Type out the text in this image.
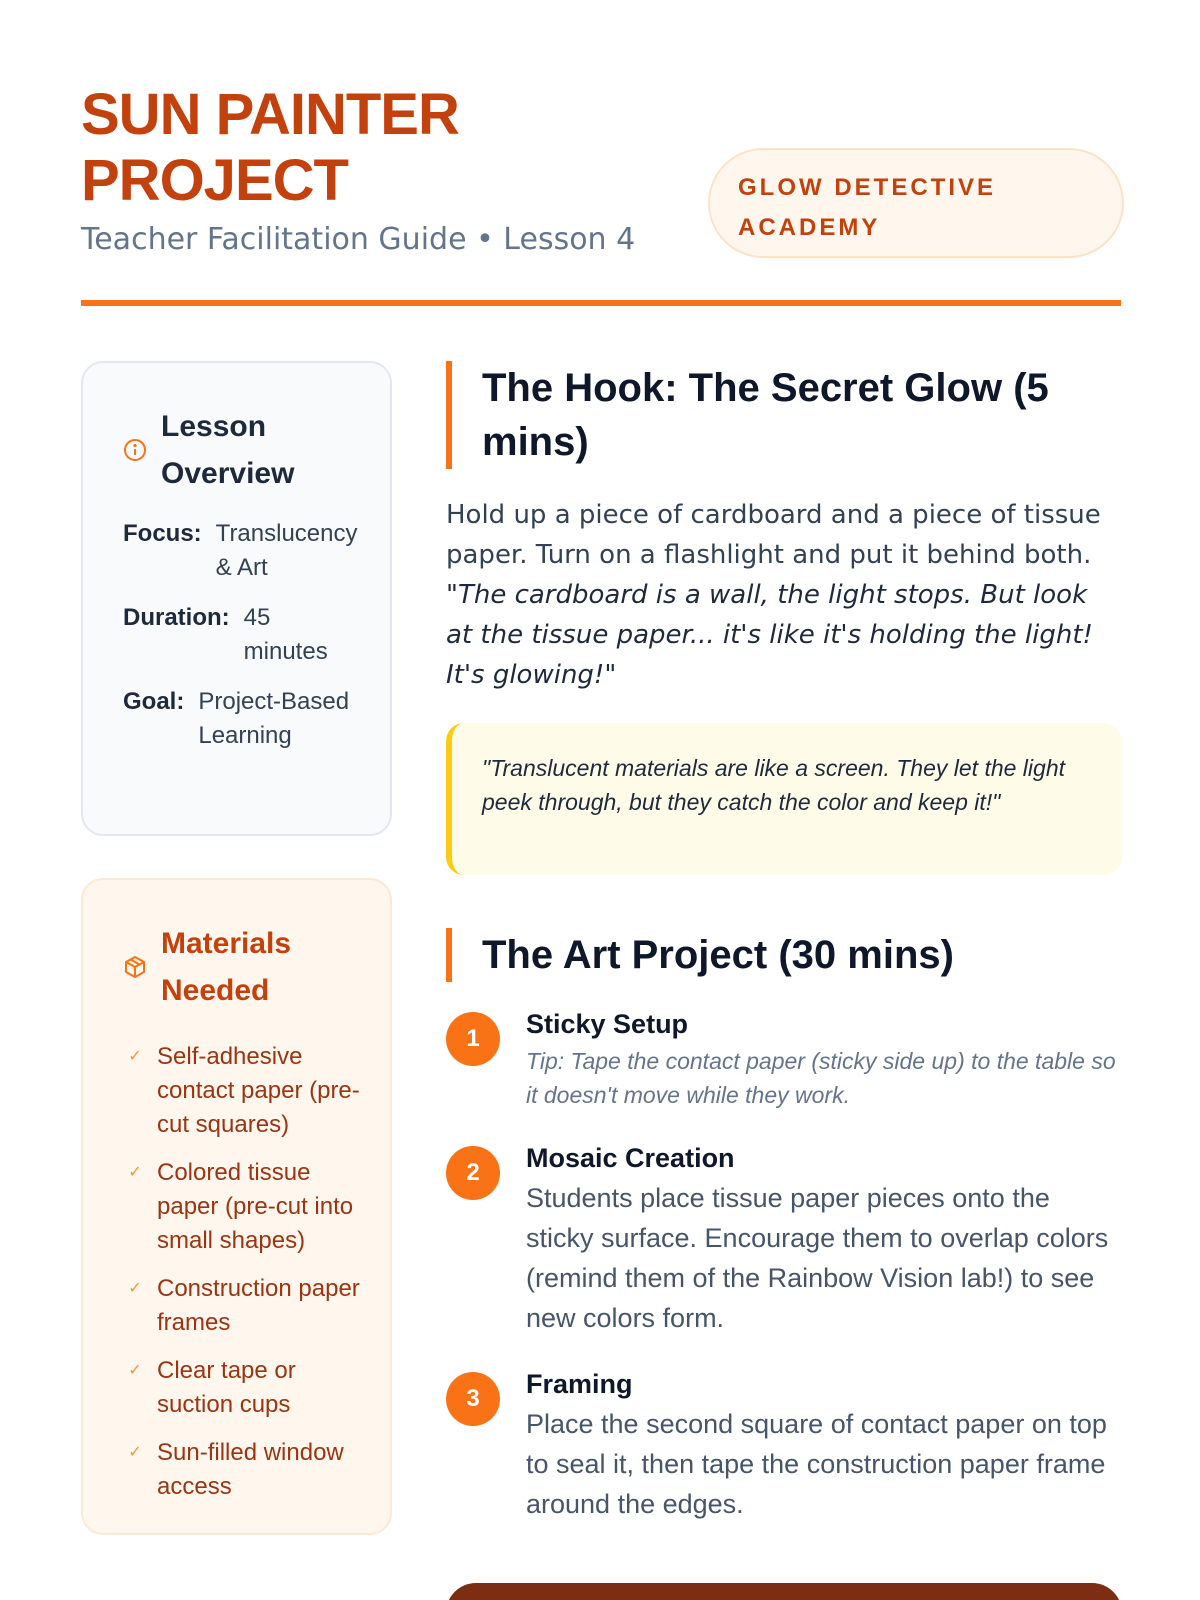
SUN PAINTER PROJECT
Teacher Facilitation Guide • Lesson 4
GLOW DETECTIVE ACADEMY
Lesson Overview
Focus: Translucency & Art
Duration: 45 minutes
Goal: Project-Based Learning
Materials Needed
✓ Self-adhesive contact paper (pre-cut squares)
✓ Colored tissue paper (pre-cut into small shapes)
✓ Construction paper frames
✓ Clear tape or suction cups
✓ Sun-filled window access
The Hook: The Secret Glow (5 mins)

Hold up a piece of cardboard and a piece of tissue paper. Turn on a flashlight and put it behind both. "The cardboard is a wall, the light stops. But look at the tissue paper... it's like it's holding the light! It's glowing!"

"Translucent materials are like a screen. They let the light peek through, but they catch the color and keep it!"
The Art Project (30 mins)
1	Sticky Setup
Tip: Tape the contact paper (sticky side up) to the table so it doesn't move while they work.
2	Mosaic Creation
Students place tissue paper pieces onto the sticky surface. Encourage them to overlap colors (remind them of the Rainbow Vision lab!) to see new colors form.
3	Framing
Place the second square of contact paper on top to seal it, then tape the construction paper frame around the edges.
